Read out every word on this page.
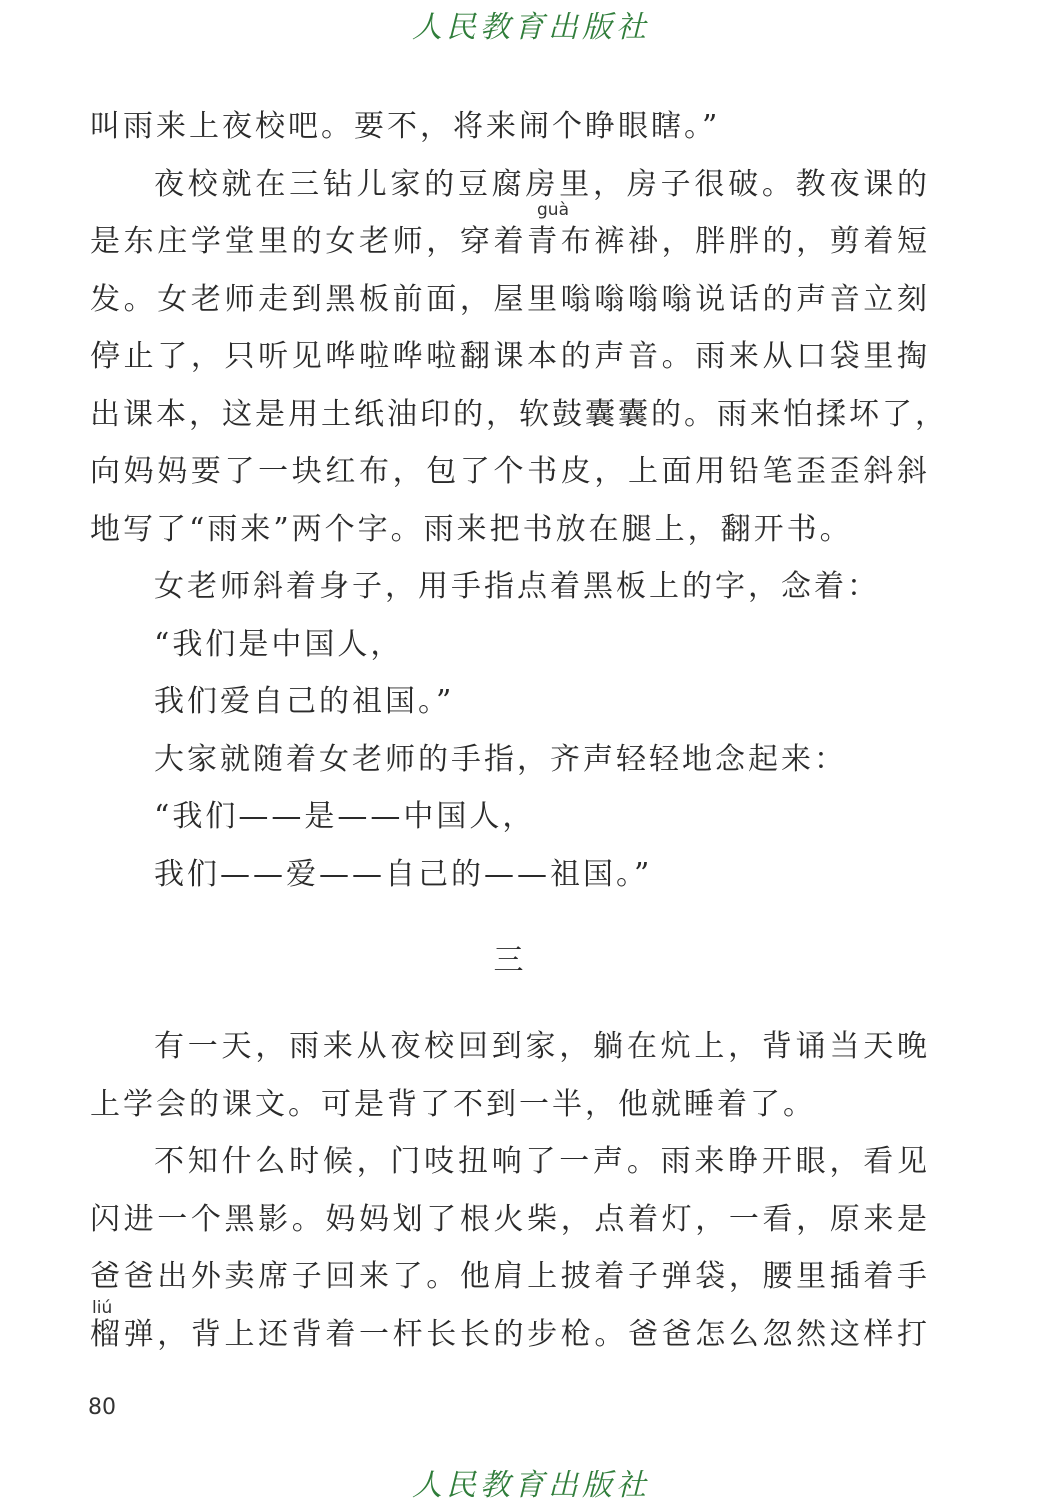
人民教育出版社
叫雨来上夜校吧。要不，将来闹个睁眼瞎。”
夜校就在三钻儿家的豆腐房里，房子很破。教夜课的
是东庄学堂里的女老师，穿着青布裤褂，胖胖的，剪着短
发。女老师走到黑板前面，屋里嗡嗡嗡嗡说话的声音立刻
停止了，只听见哗啦哗啦翻课本的声音。雨来从口袋里掏
出课本，这是用土纸油印的，软鼓囊囊的。雨来怕揉坏了，
向妈妈要了一块红布，包了个书皮，上面用铅笔歪歪斜斜
地写了“雨来”两个字。雨来把书放在腿上，翻开书。
女老师斜着身子，用手指点着黑板上的字，念着：
“我们是中国人，
我们爱自己的祖国。”
大家就随着女老师的手指，齐声轻轻地念起来：
“我们——是——中国人，
我们——爱——自己的——祖国。”
三
有一天，雨来从夜校回到家，躺在炕上，背诵当天晚
上学会的课文。可是背了不到一半，他就睡着了。
不知什么时候，门吱扭响了一声。雨来睁开眼，看见
闪进一个黑影。妈妈划了根火柴，点着灯，一看，原来是
爸爸出外卖席子回来了。他肩上披着子弹袋，腰里插着手
榴弹，背上还背着一杆长长的步枪。爸爸怎么忽然这样打
guà
liú
80
人民教育出版社
